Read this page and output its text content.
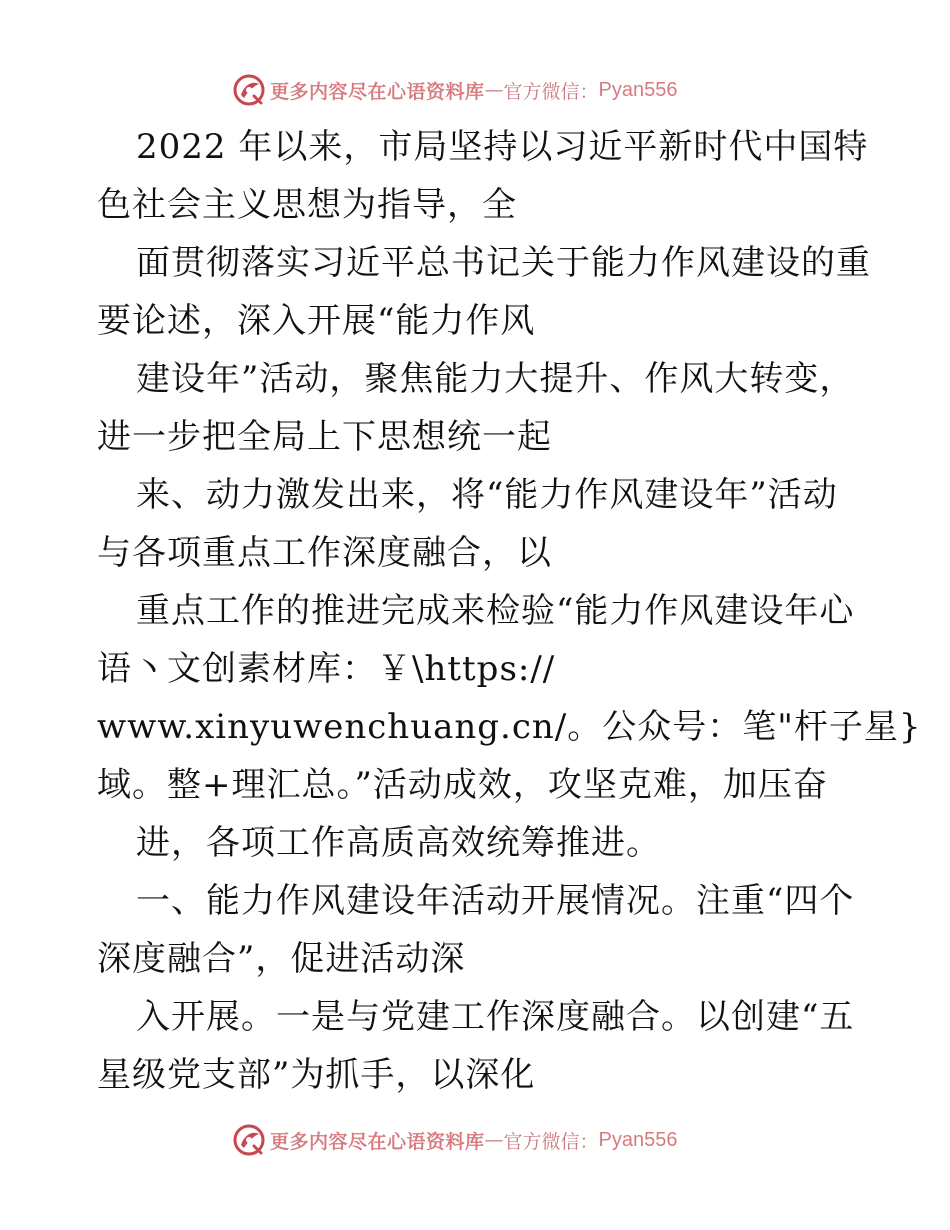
更多内容尽在心语资料库 — 官方微信： Pyan556
2022 年以来，市局坚持以习近平新时代中国特
色社会主义思想为指导，全
面贯彻落实习近平总书记关于能力作风建设的重
要论述，深入开展“能力作风
建设年”活动，聚焦能力大提升、作风大转变，
进一步把全局上下思想统一起
来、动力激发出来，将“能力作风建设年”活动
与各项重点工作深度融合，以
重点工作的推进完成来检验“能力作风建设年心
语丶文创素材库：￥\https://
www.xinyuwenchuang.cn/。公众号：笔"杆子星}
域。整+理汇总。”活动成效，攻坚克难，加压奋
进，各项工作高质高效统筹推进。
一、能力作风建设年活动开展情况。注重“四个
深度融合”，促进活动深
入开展。一是与党建工作深度融合。以创建“五
星级党支部”为抓手，以深化
更多内容尽在心语资料库 — 官方微信： Pyan556
